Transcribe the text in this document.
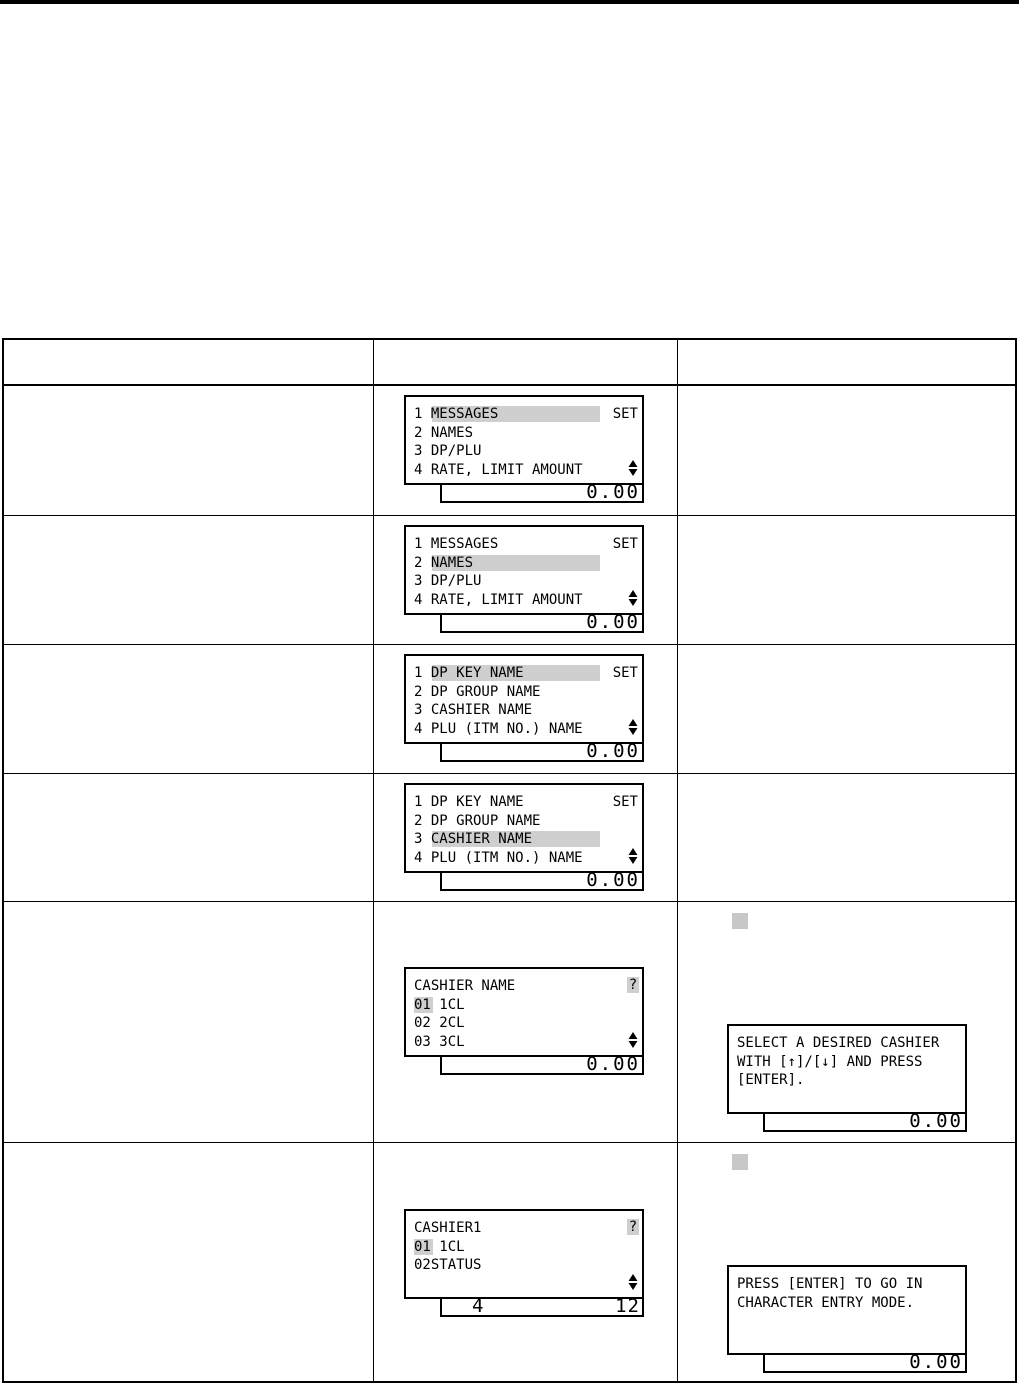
1 MESSAGES
2 NAMES
3 DP/PLU
4 RATE, LIMIT AMOUNT
SET
0.00
1 MESSAGES
2 NAMES
3 DP/PLU
4 RATE, LIMIT AMOUNT
SET
0.00
1 DP KEY NAME
2 DP GROUP NAME
3 CASHIER NAME
4 PLU (ITM NO.) NAME
SET
0.00
1 DP KEY NAME
2 DP GROUP NAME
3 CASHIER NAME
4 PLU (ITM NO.) NAME
SET
0.00
CASHIER NAME
01 1CL
02 2CL
03 3CL
?
0.00
CASHIER1
01 1CL
02STATUS
?
4	12
SELECT A DESIRED CASHIER WITH [↑]/[↓] AND PRESS [ENTER].
0.00
PRESS [ENTER] TO GO IN CHARACTER ENTRY MODE.
0.00
